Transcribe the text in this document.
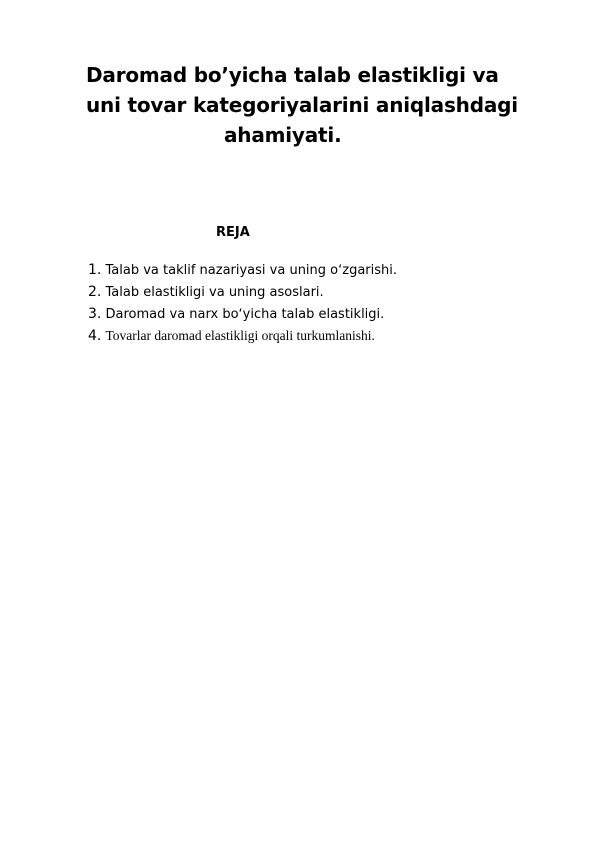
Daromad bo’yicha talab elastikligi va
uni tovar kategoriyalarini aniqlashdagi
ahamiyati.

REJA

1. Talab va taklif nazariyasi va uning oʻzgarishi.
2. Talab elastikligi va uning asoslari.
3. Daromad va narx boʻyicha talab elastikligi.
4. Tovarlar daromad elastikligi orqali turkumlanishi.
